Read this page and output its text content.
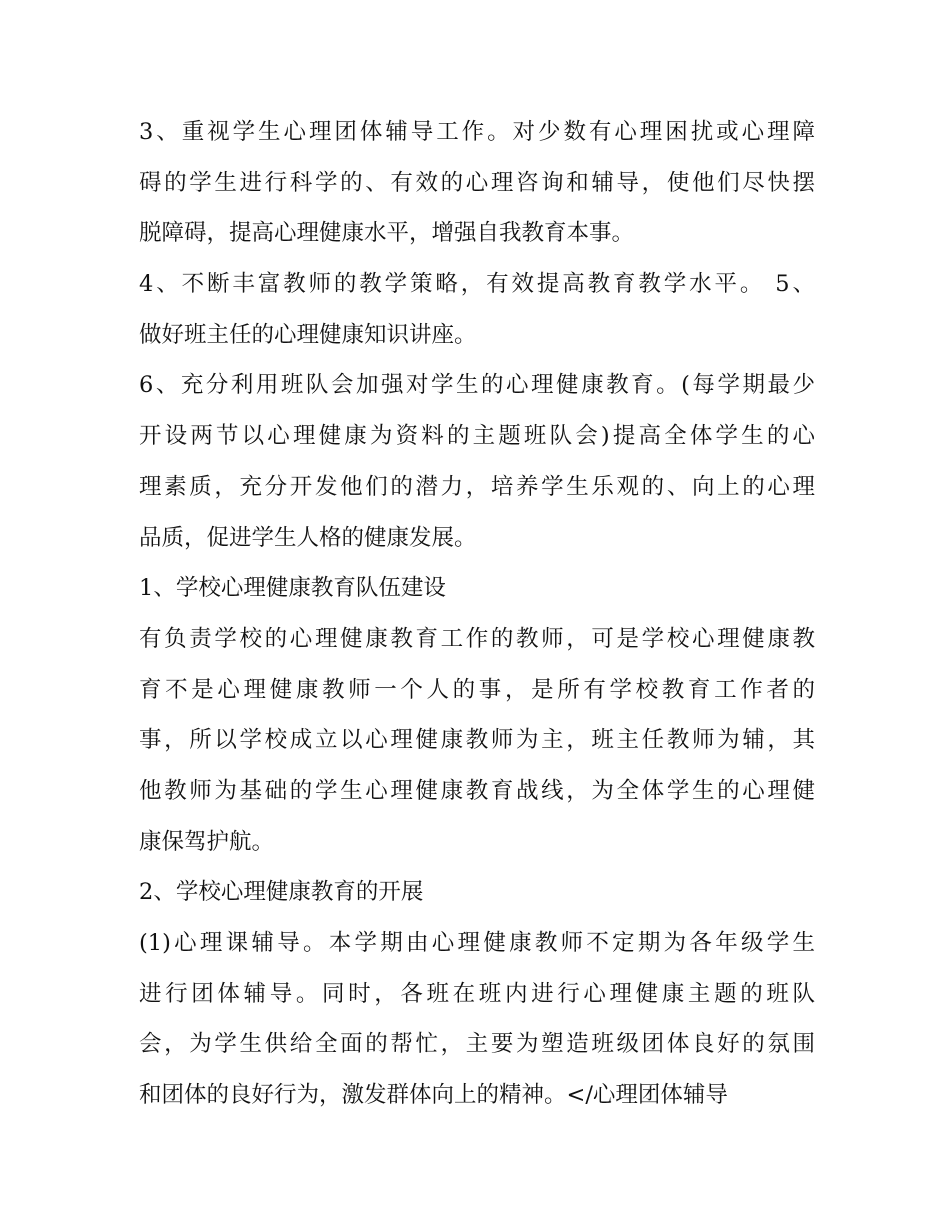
3、重视学生心理团体辅导工作。对少数有心理困扰或心理障
碍的学生进行科学的、有效的心理咨询和辅导，使他们尽快摆
脱障碍，提高心理健康水平，增强自我教育本事。
4、不断丰富教师的教学策略，有效提高教育教学水平。 5、
做好班主任的心理健康知识讲座。
6、充分利用班队会加强对学生的心理健康教育。(每学期最少
开设两节以心理健康为资料的主题班队会)提高全体学生的心
理素质，充分开发他们的潜力，培养学生乐观的、向上的心理
品质，促进学生人格的健康发展。
1、学校心理健康教育队伍建设
有负责学校的心理健康教育工作的教师，可是学校心理健康教
育不是心理健康教师一个人的事，是所有学校教育工作者的
事，所以学校成立以心理健康教师为主，班主任教师为辅，其
他教师为基础的学生心理健康教育战线，为全体学生的心理健
康保驾护航。
2、学校心理健康教育的开展
(1)心理课辅导。本学期由心理健康教师不定期为各年级学生
进行团体辅导。同时，各班在班内进行心理健康主题的班队
会，为学生供给全面的帮忙，主要为塑造班级团体良好的氛围
和团体的良好行为，激发群体向上的精神。</心理团体辅导
